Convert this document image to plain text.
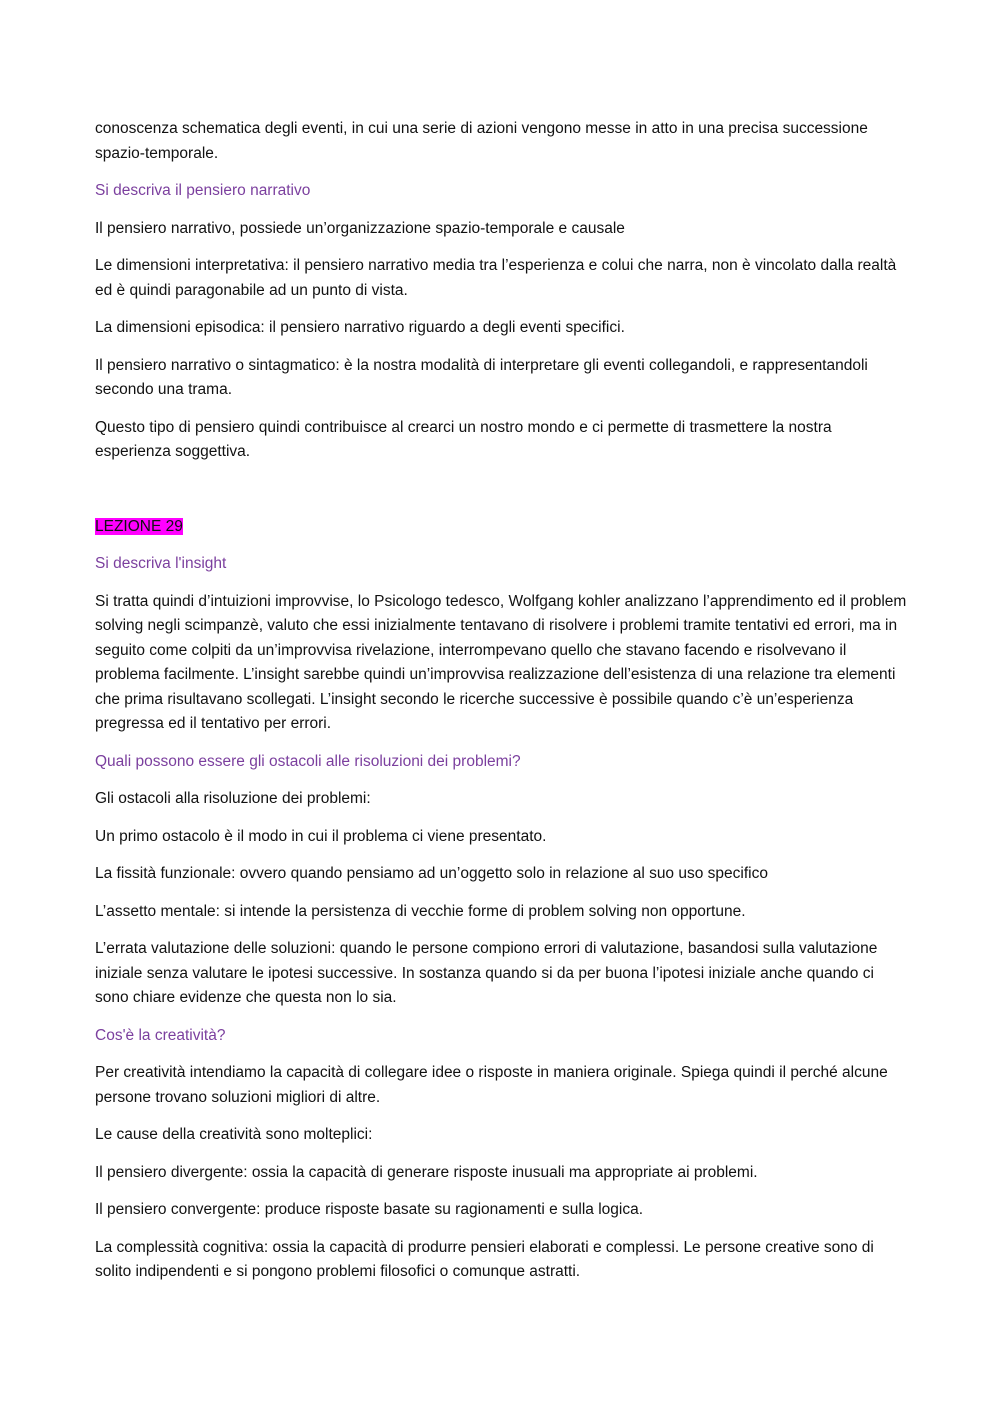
conoscenza schematica degli eventi, in cui una serie di azioni vengono messe in atto in una precisa successione spazio-temporale.

Si descriva il pensiero narrativo

Il pensiero narrativo, possiede un’organizzazione spazio-temporale e causale

Le dimensioni interpretativa: il pensiero narrativo media tra l’esperienza e colui che narra, non è vincolato dalla realtà ed è quindi paragonabile ad un punto di vista.

La dimensioni episodica: il pensiero narrativo riguardo a degli eventi specifici.

Il pensiero narrativo o sintagmatico: è la nostra modalità di interpretare gli eventi collegandoli, e rappresentandoli secondo una trama.

Questo tipo di pensiero quindi contribuisce al crearci un nostro mondo e ci permette di trasmettere la nostra esperienza soggettiva.

LEZIONE 29

Si descriva l'insight

Si tratta quindi d’intuizioni improvvise, lo Psicologo tedesco, Wolfgang kohler analizzano l’apprendimento ed il problem solving negli scimpanzè, valuto che essi inizialmente tentavano di risolvere i problemi tramite tentativi ed errori, ma in seguito come colpiti da un’improvvisa rivelazione, interrompevano quello che stavano facendo e risolvevano il problema facilmente. L’insight sarebbe quindi un’improvvisa realizzazione dell’esistenza di una relazione tra elementi che prima risultavano scollegati. L’insight secondo le ricerche successive è possibile quando c’è un’esperienza pregressa ed il tentativo per errori.

Quali possono essere gli ostacoli alle risoluzioni dei problemi?

Gli ostacoli alla risoluzione dei problemi:

Un primo ostacolo è il modo in cui il problema ci viene presentato.

La fissità funzionale: ovvero quando pensiamo ad un’oggetto solo in relazione al suo uso specifico

L’assetto mentale: si intende la persistenza di vecchie forme di problem solving non opportune.

L’errata valutazione delle soluzioni: quando le persone compiono errori di valutazione, basandosi sulla valutazione iniziale senza valutare le ipotesi successive. In sostanza quando si da per buona l’ipotesi iniziale anche quando ci sono chiare evidenze che questa non lo sia.

Cos'è la creatività?

Per creatività intendiamo la capacità di collegare idee o risposte in maniera originale. Spiega quindi il perché alcune persone trovano soluzioni migliori di altre.

Le cause della creatività sono molteplici:

Il pensiero divergente: ossia la capacità di generare risposte inusuali ma appropriate ai problemi.

Il pensiero convergente: produce risposte basate su ragionamenti e sulla logica.

La complessità cognitiva: ossia la capacità di produrre pensieri elaborati e complessi. Le persone creative sono di solito indipendenti e si pongono problemi filosofici o comunque astratti.
